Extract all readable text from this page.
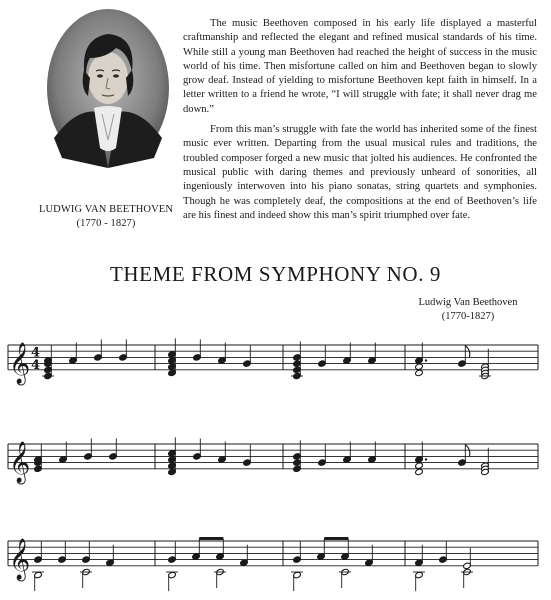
LUDWIG VAN BEETHOVEN
(1770 - 1827)

The music Beethoven composed in his early life displayed a masterful craftmanship and reflected the elegant and refined musical standards of his time. While still a young man Beethoven had reached the height of success in the music world of his time. Then misfortune called on him and Beethoven began to slowly grow deaf. Instead of yielding to misfortune Beethoven kept faith in himself. In a letter written to a friend he wrote, “I will struggle with fate; it shall never drag me down.”

From this man’s struggle with fate the world has inherited some of the finest music ever written. Departing from the usual musical rules and traditions, the troubled composer forged a new music that jolted his audiences. He confronted the musical public with daring themes and previously unheard of sonorities, all ingeniously interwoven into his piano sonatas, string quartets and symphonies. Though he was completely deaf, the compositions at the end of Beethoven’s life are his finest and indeed show this man’s spirit triumphed over fate.

THEME FROM SYMPHONY NO. 9
Ludwig Van Beethoven
(1770-1827)
𝄞 4
4
𝄞
𝄞
